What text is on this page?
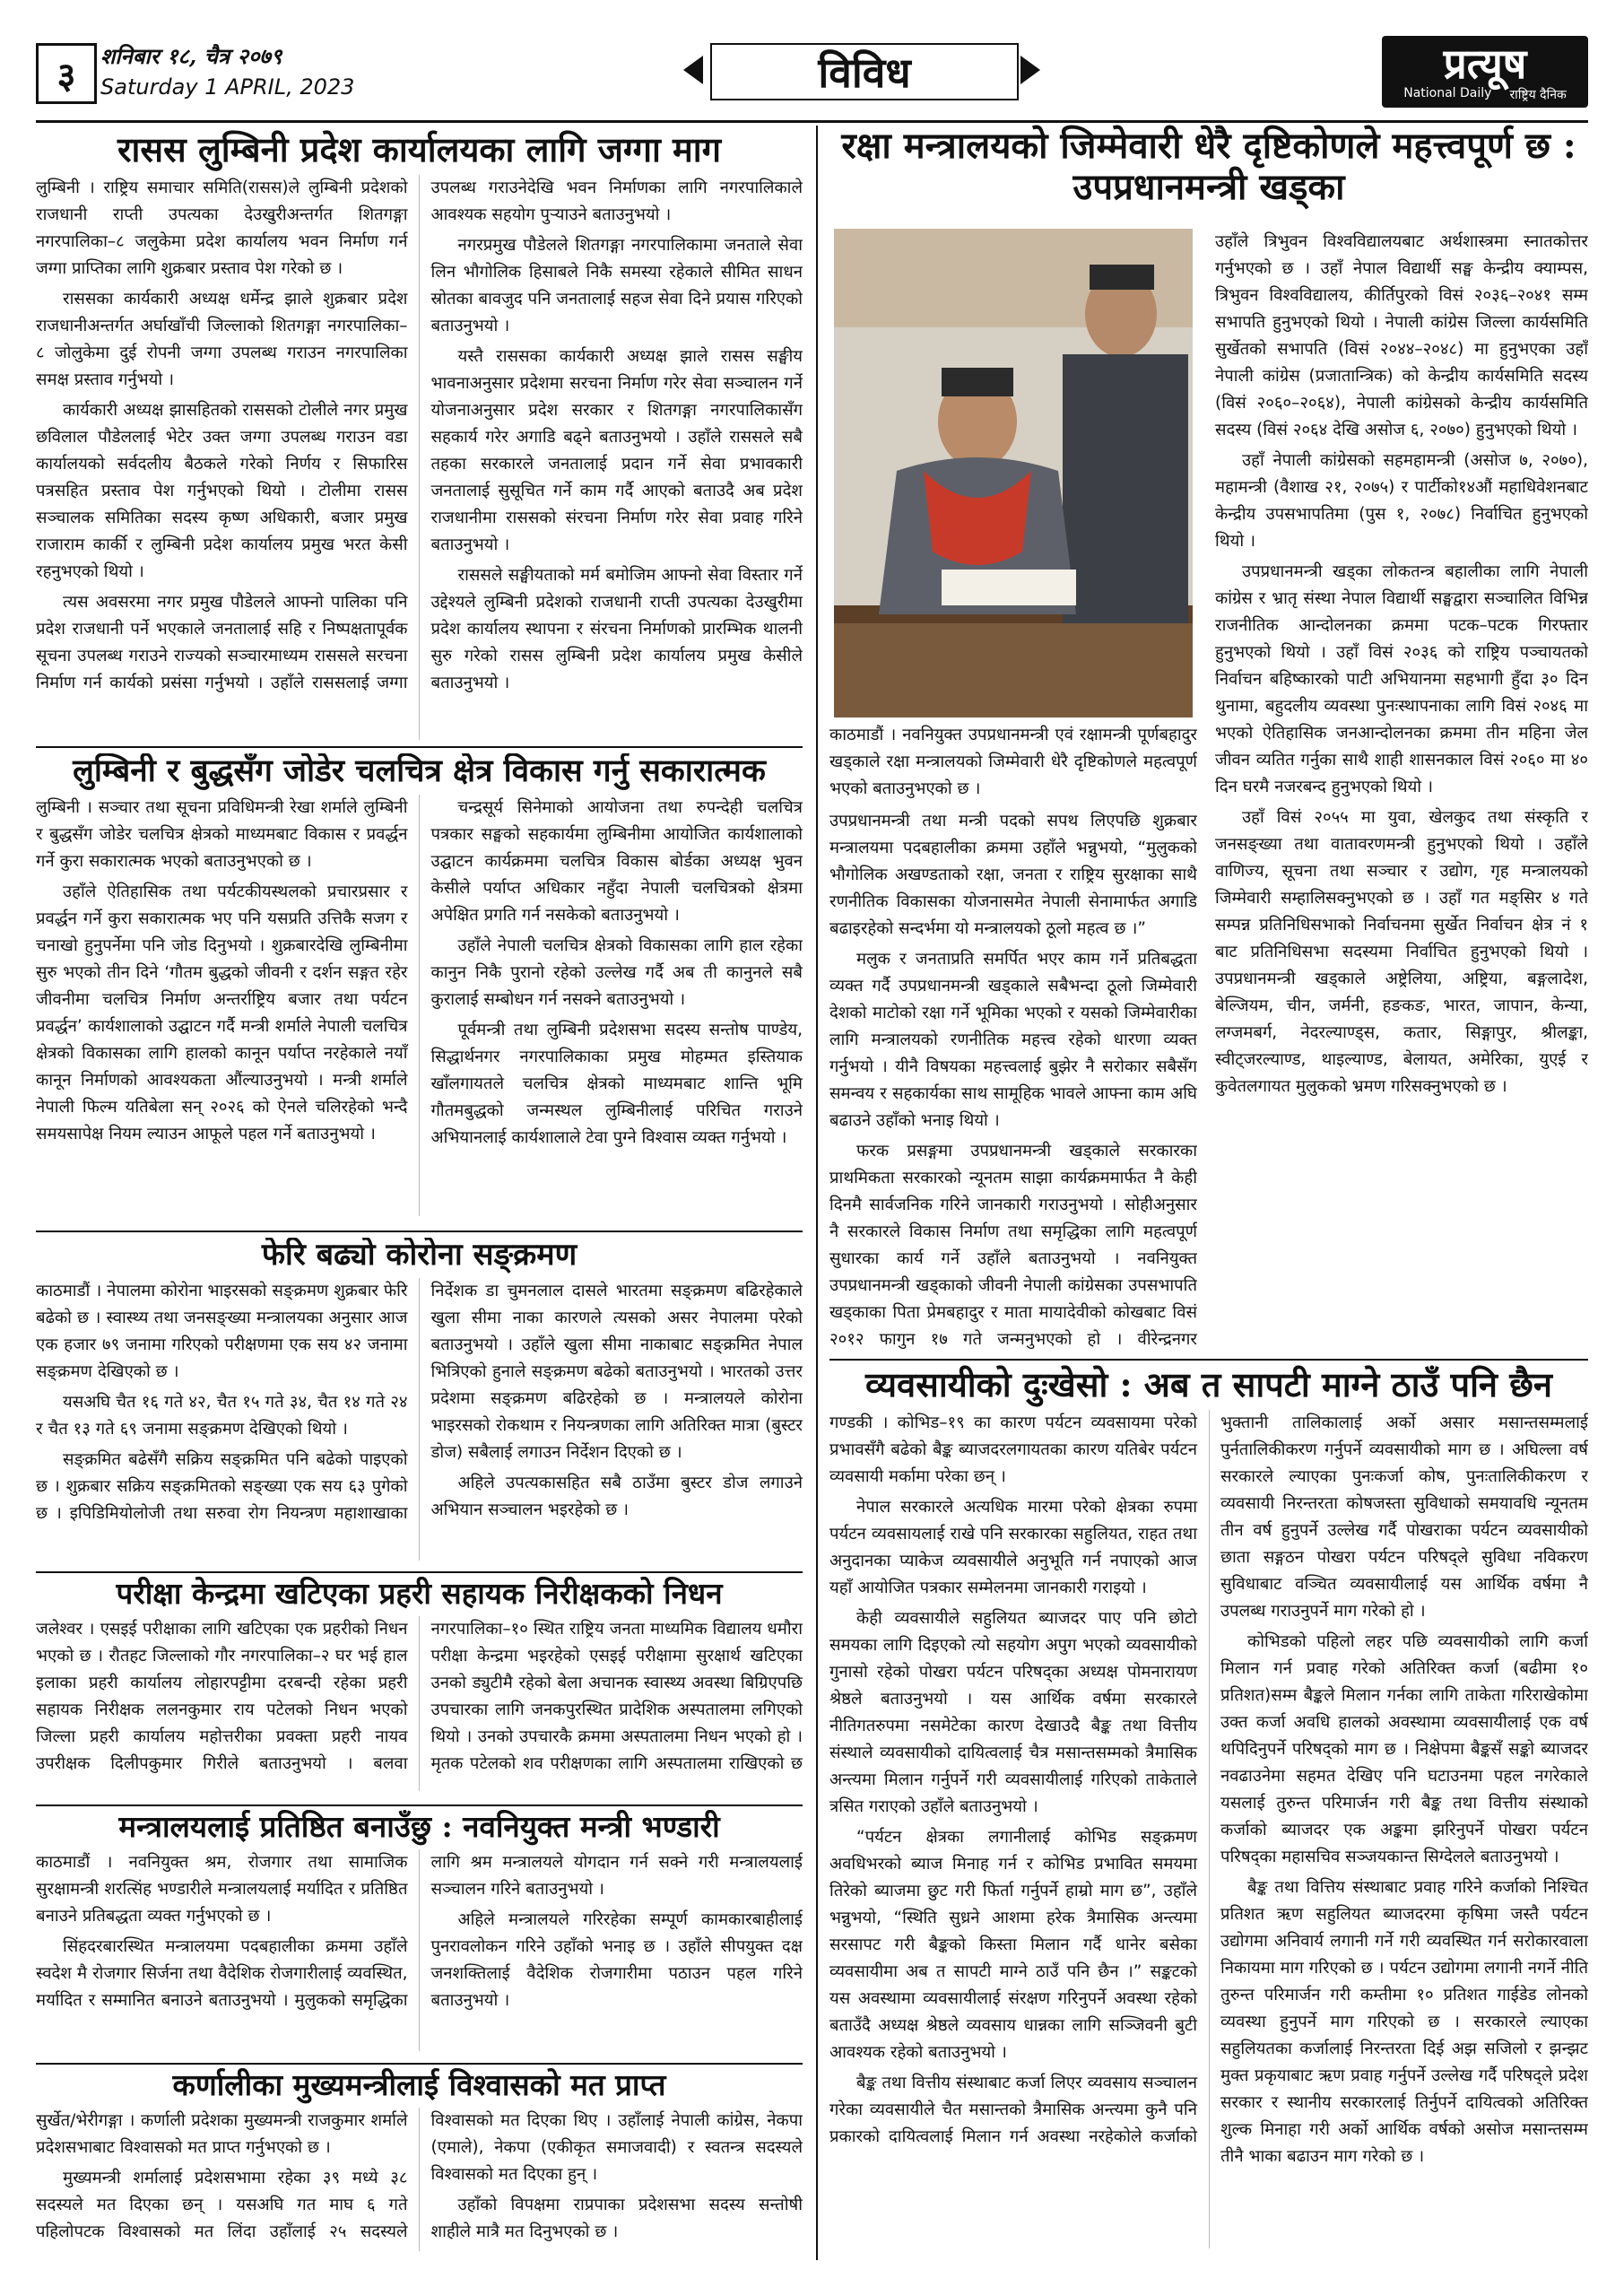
३	शनिबार १८, चैत्र २०७९
Saturday 1 APRIL, 2023	विविध	प्रत्यूष
National Daily राष्ट्रिय दैनिक
रासस लुम्बिनी प्रदेश कार्यालयका लागि जग्गा माग

लुम्बिनी । राष्ट्रिय समाचार समिति(रासस)ले लुम्बिनी प्रदेशको राजधानी राप्ती उपत्यका देउखुरीअन्तर्गत शितगङ्गा नगरपालिका–८ जलुकेमा प्रदेश कार्यालय भवन निर्माण गर्न जग्गा प्राप्तिका लागि शुक्रबार प्रस्ताव पेश गरेको छ ।

राससका कार्यकारी अध्यक्ष धर्मेन्द्र झाले शुक्रबार प्रदेश राजधानीअन्तर्गत अर्घाखाँची जिल्लाको शितगङ्गा नगरपालिका–८ जोलुकेमा दुई रोपनी जग्गा उपलब्ध गराउन नगरपालिका समक्ष प्रस्ताव गर्नुभयो ।

कार्यकारी अध्यक्ष झासहितको राससको टोलीले नगर प्रमुख छविलाल पौडेललाई भेटेर उक्त जग्गा उपलब्ध गराउन वडा कार्यालयको सर्वदलीय बैठकले गरेको निर्णय र सिफारिस पत्रसहित प्रस्ताव पेश गर्नुभएको थियो । टोलीमा रासस सञ्चालक समितिका सदस्य कृष्ण अधिकारी, बजार प्रमुख राजाराम कार्की र लुम्बिनी प्रदेश कार्यालय प्रमुख भरत केसी रहनुभएको थियो ।

त्यस अवसरमा नगर प्रमुख पौडेलले आफ्नो पालिका पनि प्रदेश राजधानी पर्ने भएकाले जनतालाई सहि र निष्पक्षतापूर्वक सूचना उपलब्ध गराउने राज्यको सञ्चारमाध्यम राससले सरचना निर्माण गर्न कार्यको प्रसंसा गर्नुभयो । उहाँले राससलाई जग्गा उपलब्ध गराउनेदेखि भवन निर्माणका लागि नगरपालिकाले आवश्यक सहयोग पुऱ्याउने बताउनुभयो ।

नगरप्रमुख पौडेलले शितगङ्गा नगरपालिकामा जनताले सेवा लिन भौगोलिक हिसाबले निकै समस्या रहेकाले सीमित साधन स्रोतका बावजुद पनि जनतालाई सहज सेवा दिने प्रयास गरिएको बताउनुभयो ।

यस्तै राससका कार्यकारी अध्यक्ष झाले रासस सङ्घीय भावनाअनुसार प्रदेशमा सरचना निर्माण गरेर सेवा सञ्चालन गर्ने योजनाअनुसार प्रदेश सरकार र शितगङ्गा नगरपालिकासँग सहकार्य गरेर अगाडि बढ्ने बताउनुभयो । उहाँले राससले सबै तहका सरकारले जनतालाई प्रदान गर्ने सेवा प्रभावकारी जनतालाई सुसूचित गर्ने काम गर्दै आएको बताउदै अब प्रदेश राजधानीमा राससको संरचना निर्माण गरेर सेवा प्रवाह गरिने बताउनुभयो ।

राससले सङ्घीयताको मर्म बमोजिम आफ्नो सेवा विस्तार गर्ने उद्देश्यले लुम्बिनी प्रदेशको राजधानी राप्ती उपत्यका देउखुरीमा प्रदेश कार्यालय स्थापना र संरचना निर्माणको प्रारम्भिक थालनी सुरु गरेको रासस लुम्बिनी प्रदेश कार्यालय प्रमुख केसीले बताउनुभयो ।

रक्षा मन्त्रालयको जिम्मेवारी धेरै दृष्टिकोणले महत्त्वपूर्ण छ : उपप्रधानमन्त्री खड्का
काठमाडौं । नवनियुक्त उपप्रधानमन्त्री एवं रक्षामन्त्री पूर्णबहादुर खड्काले रक्षा मन्त्रालयको जिम्मेवारी धेरै दृष्टिकोणले महत्वपूर्ण भएको बताउनुभएको छ ।

उपप्रधानमन्त्री तथा मन्त्री पदको सपथ लिएपछि शुक्रबार मन्त्रालयमा पदबहालीका क्रममा उहाँले भन्नुभयो, “मुलुकको भौगोलिक अखण्डताको रक्षा, जनता र राष्ट्रिय सुरक्षाका साथै रणनीतिक विकासका योजनासमेत नेपाली सेनामार्फत अगाडि बढाइरहेको सन्दर्भमा यो मन्त्रालयको ठूलो महत्व छ ।”

मलुक र जनताप्रति समर्पित भएर काम गर्ने प्रतिबद्धता व्यक्त गर्दै उपप्रधानमन्त्री खड्काले सबैभन्दा ठूलो जिम्मेवारी देशको माटोको रक्षा गर्ने भूमिका भएको र यसको जिम्मेवारीका लागि मन्त्रालयको रणनीतिक महत्त्व रहेको धारणा व्यक्त गर्नुभयो । यीनै विषयका महत्त्वलाई बुझेर नै सरोकार सबैसँग समन्वय र सहकार्यका साथ सामूहिक भावले आफ्ना काम अघि बढाउने उहाँको भनाइ थियो ।

फरक प्रसङ्गमा उपप्रधानमन्त्री खड्काले सरकारका प्राथमिकता सरकारको न्यूनतम साझा कार्यक्रममार्फत नै केही दिनमै सार्वजनिक गरिने जानकारी गराउनुभयो । सोहीअनुसार नै सरकारले विकास निर्माण तथा समृद्धिका लागि महत्वपूर्ण सुधारका कार्य गर्ने उहाँले बताउनुभयो । नवनियुक्त उपप्रधानमन्त्री खड्काको जीवनी नेपाली कांग्रेसका उपसभापति खड्काका पिता प्रेमबहादुर र माता मायादेवीको कोखबाट विसं २०१२ फागुन १७ गते जन्मनुभएको हो । वीरेन्द्रनगर

उहाँले त्रिभुवन विश्वविद्यालयबाट अर्थशास्त्रमा स्नातकोत्तर गर्नुभएको छ । उहाँ नेपाल विद्यार्थी सङ्घ केन्द्रीय क्याम्पस, त्रिभुवन विश्वविद्यालय, कीर्तिपुरको विसं २०३६–२०४१ सम्म सभापति हुनुभएको थियो । नेपाली कांग्रेस जिल्ला कार्यसमिति सुर्खेतको सभापति (विसं २०४४–२०४८) मा हुनुभएका उहाँ नेपाली कांग्रेस (प्रजातान्त्रिक) को केन्द्रीय कार्यसमिति सदस्य (विसं २०६०–२०६४), नेपाली कांग्रेसको केन्द्रीय कार्यसमिति सदस्य (विसं २०६४ देखि असोज ६, २०७०) हुनुभएको थियो ।

उहाँ नेपाली कांग्रेसको सहमहामन्त्री (असोज ७, २०७०), महामन्त्री (वैशाख २१, २०७५) र पार्टीको१४औं महाधिवेशनबाट केन्द्रीय उपसभापतिमा (पुस १, २०७८) निर्वाचित हुनुभएको थियो ।

उपप्रधानमन्त्री खड्का लोकतन्त्र बहालीका लागि नेपाली कांग्रेस र भ्रातृ संस्था नेपाल विद्यार्थी सङ्घद्वारा सञ्चालित विभिन्न राजनीतिक आन्दोलनका क्रममा पटक–पटक गिरफ्तार हुनुभएको थियो । उहाँ विसं २०३६ को राष्ट्रिय पञ्चायतको निर्वाचन बहिष्कारको पाटी अभियानमा सहभागी हुँदा ३० दिन थुनामा, बहुदलीय व्यवस्था पुनःस्थापनाका लागि विसं २०४६ मा भएको ऐतिहासिक जनआन्दोलनका क्रममा तीन महिना जेल जीवन व्यतित गर्नुका साथै शाही शासनकाल विसं २०६० मा ४० दिन घरमै नजरबन्द हुनुभएको थियो ।

उहाँ विसं २०५५ मा युवा, खेलकुद तथा संस्कृति र जनसङ्ख्या तथा वातावरणमन्त्री हुनुभएको थियो । उहाँले वाणिज्य, सूचना तथा सञ्चार र उद्योग, गृह मन्त्रालयको जिम्मेवारी सम्हालिसक्नुभएको छ । उहाँ गत मङ्सिर ४ गते सम्पन्न प्रतिनिधिसभाको निर्वाचनमा सुर्खेत निर्वाचन क्षेत्र नं १ बाट प्रतिनिधिसभा सदस्यमा निर्वाचित हुनुभएको थियो । उपप्रधानमन्त्री खड्काले अष्ट्रेलिया, अष्ट्रिया, बङ्गलादेश, बेल्जियम, चीन, जर्मनी, हङकङ, भारत, जापान, केन्या, लग्जमबर्ग, नेदरल्याण्ड्स, कतार, सिङ्गापुर, श्रीलङ्का, स्वीट्जरल्याण्ड, थाइल्याण्ड, बेलायत, अमेरिका, युएई र कुवेतलगायत मुलुकको भ्रमण गरिसक्नुभएको छ ।

लुम्बिनी र बुद्धसँग जोडेर चलचित्र क्षेत्र विकास गर्नु सकारात्मक

लुम्बिनी । सञ्चार तथा सूचना प्रविधिमन्त्री रेखा शर्माले लुम्बिनी र बुद्धसँग जोडेर चलचित्र क्षेत्रको माध्यमबाट विकास र प्रवर्द्धन गर्ने कुरा सकारात्मक भएको बताउनुभएको छ ।

उहाँले ऐतिहासिक तथा पर्यटकीयस्थलको प्रचारप्रसार र प्रवर्द्धन गर्ने कुरा सकारात्मक भए पनि यसप्रति उत्तिकै सजग र चनाखो हुनुपर्नेमा पनि जोड दिनुभयो । शुक्रबारदेखि लुम्बिनीमा सुरु भएको तीन दिने ‘गौतम बुद्धको जीवनी र दर्शन सङ्गत रहेर जीवनीमा चलचित्र निर्माण अन्तर्राष्ट्रिय बजार तथा पर्यटन प्रवर्द्धन’ कार्यशालाको उद्घाटन गर्दै मन्त्री शर्माले नेपाली चलचित्र क्षेत्रको विकासका लागि हालको कानून पर्याप्त नरहेकाले नयाँ कानून निर्माणको आवश्यकता औंल्याउनुभयो । मन्त्री शर्माले नेपाली फिल्म यतिबेला सन् २०२६ को ऐनले चलिरहेको भन्दै समयसापेक्ष नियम ल्याउन आफूले पहल गर्ने बताउनुभयो ।

चन्द्रसूर्य सिनेमाको आयोजना तथा रुपन्देही चलचित्र पत्रकार सङ्घको सहकार्यमा लुम्बिनीमा आयोजित कार्यशालाको उद्घाटन कार्यक्रममा चलचित्र विकास बोर्डका अध्यक्ष भुवन केसीले पर्याप्त अधिकार नहुँदा नेपाली चलचित्रको क्षेत्रमा अपेक्षित प्रगति गर्न नसकेको बताउनुभयो ।

उहाँले नेपाली चलचित्र क्षेत्रको विकासका लागि हाल रहेका कानुन निकै पुरानो रहेको उल्लेख गर्दै अब ती कानुनले सबै कुरालाई सम्बोधन गर्न नसक्ने बताउनुभयो ।

पूर्वमन्त्री तथा लुम्बिनी प्रदेशसभा सदस्य सन्तोष पाण्डेय, सिद्धार्थनगर नगरपालिकाका प्रमुख मोहम्मत इस्तियाक खाँलगायतले चलचित्र क्षेत्रको माध्यमबाट शान्ति भूमि गौतमबुद्धको जन्मस्थल लुम्बिनीलाई परिचित गराउने अभियानलाई कार्यशालाले टेवा पुग्ने विश्वास व्यक्त गर्नुभयो ।

फेरि बढ्यो कोरोना सङ्क्रमण

काठमाडौं । नेपालमा कोरोना भाइरसको सङ्क्रमण शुक्रबार फेरि बढेको छ । स्वास्थ्य तथा जनसङ्ख्या मन्त्रालयका अनुसार आज एक हजार ७९ जनामा गरिएको परीक्षणमा एक सय ४२ जनामा सङ्क्रमण देखिएको छ ।

यसअघि चैत १६ गते ४२, चैत १५ गते ३४, चैत १४ गते २४ र चैत १३ गते ६९ जनामा सङ्क्रमण देखिएको थियो ।

सङ्क्रमित बढेसँगै सक्रिय सङ्क्रमित पनि बढेको पाइएको छ । शुक्रबार सक्रिय सङ्क्रमितको सङ्ख्या एक सय ६३ पुगेको छ । इपिडिमियोलोजी तथा सरुवा रोग नियन्त्रण महाशाखाका निर्देशक डा चुमनलाल दासले भारतमा सङ्क्रमण बढिरहेकाले खुला सीमा नाका कारणले त्यसको असर नेपालमा परेको बताउनुभयो । उहाँले खुला सीमा नाकाबाट सङ्क्रमित नेपाल भित्रिएको हुनाले सङ्क्रमण बढेको बताउनुभयो । भारतको उत्तर प्रदेशमा सङ्क्रमण बढिरहेको छ । मन्त्रालयले कोरोना भाइरसको रोकथाम र नियन्त्रणका लागि अतिरिक्त मात्रा (बुस्टर डोज) सबैलाई लगाउन निर्देशन दिएको छ ।

अहिले उपत्यकासहित सबै ठाउँमा बुस्टर डोज लगाउने अभियान सञ्चालन भइरहेको छ ।

परीक्षा केन्द्रमा खटिएका प्रहरी सहायक निरीक्षकको निधन

जलेश्वर । एसइई परीक्षाका लागि खटिएका एक प्रहरीको निधन भएको छ । रौतहट जिल्लाको गौर नगरपालिका–२ घर भई हाल इलाका प्रहरी कार्यालय लोहारपट्टीमा दरबन्दी रहेका प्रहरी सहायक निरीक्षक ललनकुमार राय पटेलको निधन भएको जिल्ला प्रहरी कार्यालय महोत्तरीका प्रवक्ता प्रहरी नायव उपरीक्षक दिलीपकुमार गिरीले बताउनुभयो । बलवा नगरपालिका–१० स्थित राष्ट्रिय जनता माध्यमिक विद्यालय धमौरा परीक्षा केन्द्रमा भइरहेको एसइई परीक्षामा सुरक्षार्थ खटिएका उनको ड्युटीमै रहेको बेला अचानक स्वास्थ्य अवस्था बिग्रिएपछि उपचारका लागि जनकपुरस्थित प्रादेशिक अस्पतालमा लगिएको थियो । उनको उपचारकै क्रममा अस्पतालमा निधन भएको हो । मृतक पटेलको शव परीक्षणका लागि अस्पतालमा राखिएको छ

मन्त्रालयलाई प्रतिष्ठित बनाउँछु : नवनियुक्त मन्त्री भण्डारी

काठमाडौं । नवनियुक्त श्रम, रोजगार तथा सामाजिक सुरक्षामन्त्री शरत्सिंह भण्डारीले मन्त्रालयलाई मर्यादित र प्रतिष्ठित बनाउने प्रतिबद्धता व्यक्त गर्नुभएको छ ।

सिंहदरबारस्थित मन्त्रालयमा पदबहालीका क्रममा उहाँले स्वदेश मै रोजगार सिर्जना तथा वैदेशिक रोजगारीलाई व्यवस्थित, मर्यादित र सम्मानित बनाउने बताउनुभयो । मुलुकको समृद्धिका लागि श्रम मन्त्रालयले योगदान गर्न सक्ने गरी मन्त्रालयलाई सञ्चालन गरिने बताउनुभयो ।

अहिले मन्त्रालयले गरिरहेका सम्पूर्ण कामकारबाहीलाई पुनरावलोकन गरिने उहाँको भनाइ छ । उहाँले सीपयुक्त दक्ष जनशक्तिलाई वैदेशिक रोजगारीमा पठाउन पहल गरिने बताउनुभयो ।

कर्णालीका मुख्यमन्त्रीलाई विश्वासको मत प्राप्त

सुर्खेत/भेरीगङ्गा । कर्णाली प्रदेशका मुख्यमन्त्री राजकुमार शर्माले प्रदेशसभाबाट विश्वासको मत प्राप्त गर्नुभएको छ ।

मुख्यमन्त्री शर्मालाई प्रदेशसभामा रहेका ३९ मध्ये ३८ सदस्यले मत दिएका छन् । यसअघि गत माघ ६ गते पहिलोपटक विश्वासको मत लिंदा उहाँलाई २५ सदस्यले विश्वासको मत दिएका थिए । उहाँलाई नेपाली कांग्रेस, नेकपा (एमाले), नेकपा (एकीकृत समाजवादी) र स्वतन्त्र सदस्यले विश्वासको मत दिएका हुन् ।

उहाँको विपक्षमा राप्रपाका प्रदेशसभा सदस्य सन्तोषी शाहीले मात्रै मत दिनुभएको छ ।

व्यवसायीको दुःखेसो : अब त सापटी माग्ने ठाउँ पनि छैन

गण्डकी । कोभिड–१९ का कारण पर्यटन व्यवसायमा परेको प्रभावसँगै बढेको बैङ्क ब्याजदरलगायतका कारण यतिबेर पर्यटन व्यवसायी मर्कामा परेका छन् ।

नेपाल सरकारले अत्यधिक मारमा परेको क्षेत्रका रुपमा पर्यटन व्यवसायलाई राखे पनि सरकारका सहुलियत, राहत तथा अनुदानका प्याकेज व्यवसायीले अनुभूति गर्न नपाएको आज यहाँ आयोजित पत्रकार सम्मेलनमा जानकारी गराइयो ।

केही व्यवसायीले सहुलियत ब्याजदर पाए पनि छोटो समयका लागि दिइएको त्यो सहयोग अपुग भएको व्यवसायीको गुनासो रहेको पोखरा पर्यटन परिषद्का अध्यक्ष पोमनारायण श्रेष्ठले बताउनुभयो । यस आर्थिक वर्षमा सरकारले नीतिगतरुपमा नसमेटेका कारण देखाउदै बैङ्क तथा वित्तीय संस्थाले व्यवसायीको दायित्वलाई चैत्र मसान्तसम्मको त्रैमासिक अन्त्यमा मिलान गर्नुपर्ने गरी व्यवसायीलाई गरिएको ताकेताले त्रसित गराएको उहाँले बताउनुभयो ।

“पर्यटन क्षेत्रका लगानीलाई कोभिड सङ्क्रमण अवधिभरको ब्याज मिनाह गर्न र कोभिड प्रभावित समयमा तिरेको ब्याजमा छुट गरी फिर्ता गर्नुपर्ने हाम्रो माग छ”, उहाँले भन्नुभयो, “स्थिति सुध्रने आशमा हरेक त्रैमासिक अन्त्यमा सरसापट गरी बैङ्कको किस्ता मिलान गर्दै धानेर बसेका व्यवसायीमा अब त सापटी माग्ने ठाउँ पनि छैन ।” सङ्कटको यस अवस्थामा व्यवसायीलाई संरक्षण गरिनुपर्ने अवस्था रहेको बताउँदै अध्यक्ष श्रेष्ठले व्यवसाय धान्नका लागि सञ्जिवनी बुटी आवश्यक रहेको बताउनुभयो ।

बैङ्क तथा वित्तीय संस्थाबाट कर्जा लिएर व्यवसाय सञ्चालन गरेका व्यवसायीले चैत मसान्तको त्रैमासिक अन्त्यमा कुनै पनि प्रकारको दायित्वलाई मिलान गर्न अवस्था नरहेकोले कर्जाको भुक्तानी तालिकालाई अर्को असार मसान्तसम्मलाई पुर्नतालिकीकरण गर्नुपर्ने व्यवसायीको माग छ । अघिल्ला वर्ष सरकारले ल्याएका पुनःकर्जा कोष, पुनःतालिकीकरण र व्यवसायी निरन्तरता कोषजस्ता सुविधाको समयावधि न्यूनतम तीन वर्ष हुनुपर्ने उल्लेख गर्दै पोखराका पर्यटन व्यवसायीको छाता सङ्गठन पोखरा पर्यटन परिषद्ले सुविधा नविकरण सुविधाबाट वञ्चित व्यवसायीलाई यस आर्थिक वर्षमा नै उपलब्ध गराउनुपर्ने माग गरेको हो ।

कोभिडको पहिलो लहर पछि व्यवसायीको लागि कर्जा मिलान गर्न प्रवाह गरेको अतिरिक्त कर्जा (बढीमा १० प्रतिशत)सम्म बैङ्कले मिलान गर्नका लागि ताकेता गरिराखेकोमा उक्त कर्जा अवधि हालको अवस्थामा व्यवसायीलाई एक वर्ष थपिदिनुपर्ने परिषद्को माग छ । निक्षेपमा बैङ्कसँ सङ्को ब्याजदर नवढाउनेमा सहमत देखिए पनि घटाउनमा पहल नगरेकाले यसलाई तुरुन्त परिमार्जन गरी बैङ्क तथा वित्तीय संस्थाको कर्जाको ब्याजदर एक अङ्कमा झरिनुपर्ने पोखरा पर्यटन परिषद्का महासचिव सञ्जयकान्त सिग्देलले बताउनुभयो ।

बैङ्क तथा वित्तिय संस्थाबाट प्रवाह गरिने कर्जाको निश्चित प्रतिशत ऋण सहुलियत ब्याजदरमा कृषिमा जस्तै पर्यटन उद्योगमा अनिवार्य लगानी गर्ने गरी व्यवस्थित गर्न सरोकारवाला निकायमा माग गरिएको छ । पर्यटन उद्योगमा लगानी नगर्ने नीति तुरुन्त परिमार्जन गरी कम्तीमा १० प्रतिशत गाईडेड लोनको व्यवस्था हुनुपर्ने माग गरिएको छ । सरकारले ल्याएका सहुलियतका कर्जालाई निरन्तरता दिई अझ सजिलो र झन्झट मुक्त प्रकृयाबाट ऋण प्रवाह गर्नुपर्ने उल्लेख गर्दै परिषद्ले प्रदेश सरकार र स्थानीय सरकारलाई तिर्नुपर्ने दायित्वको अतिरिक्त शुल्क मिनाहा गरी अर्को आर्थिक वर्षको असोज मसान्तसम्म तीनै भाका बढाउन माग गरेको छ ।
